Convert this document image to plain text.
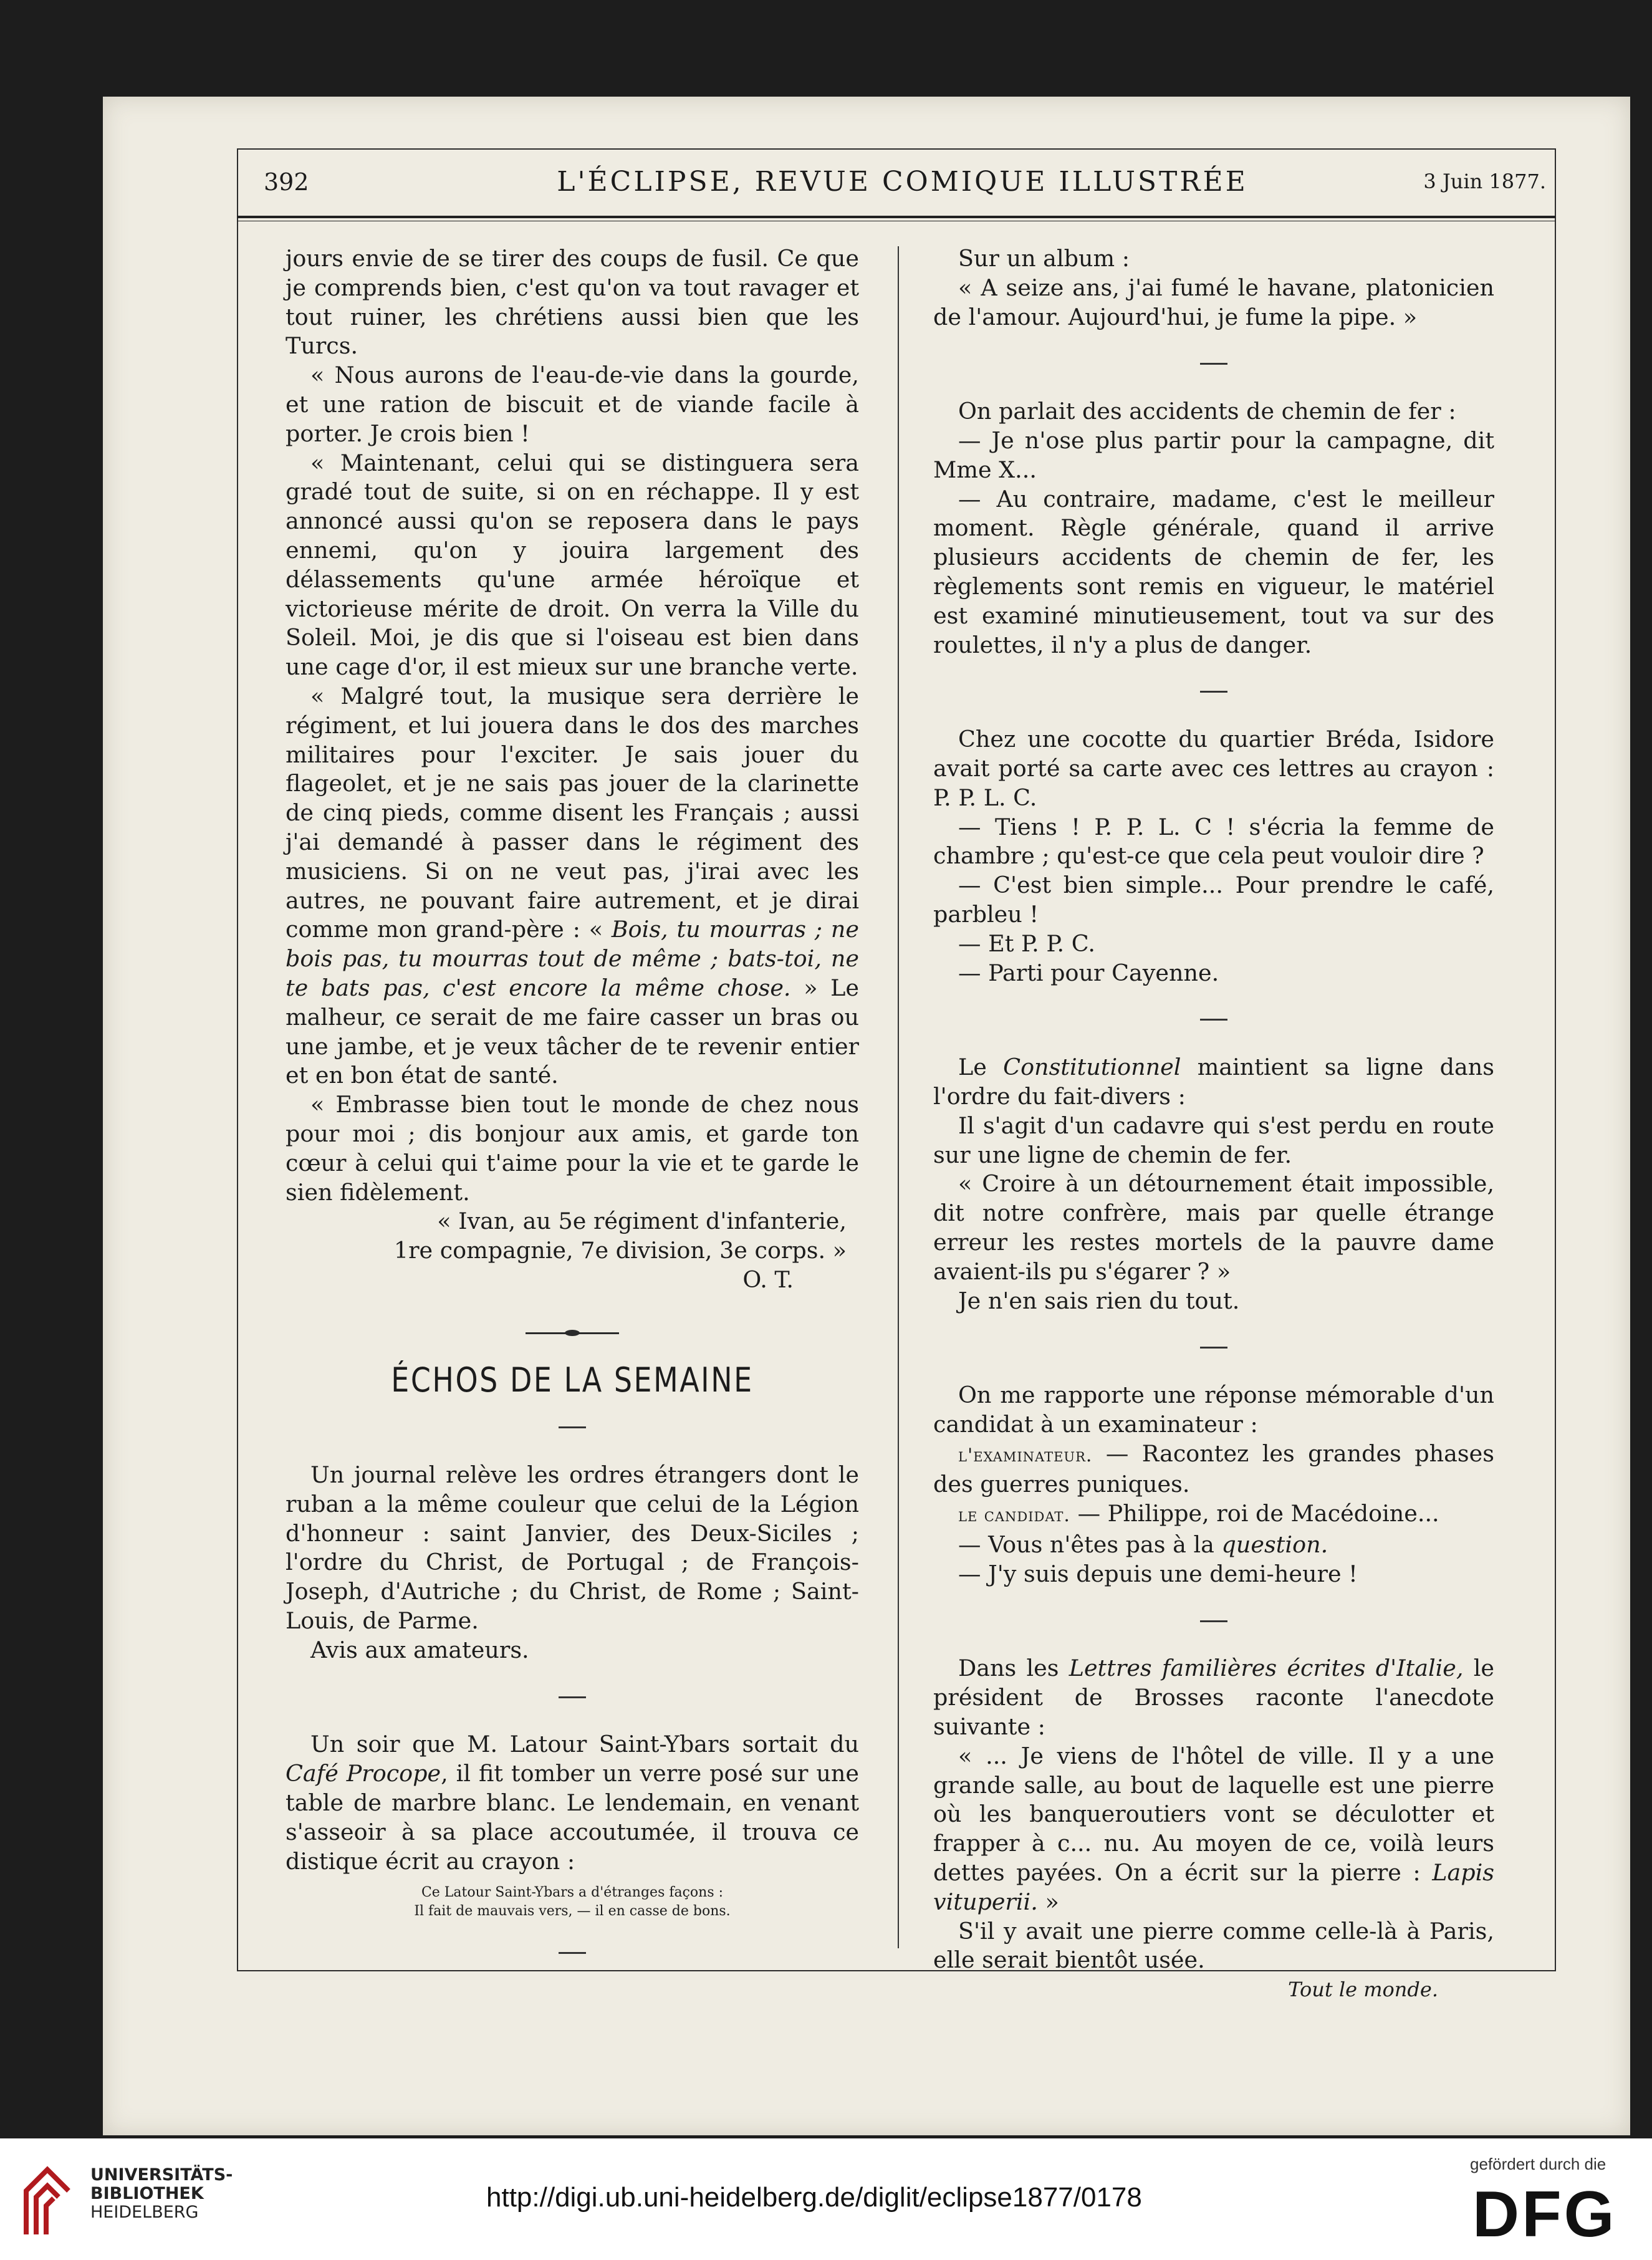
392	L'ÉCLIPSE, REVUE COMIQUE ILLUSTRÉE	3 Juin 1877.

jours envie de se tirer des coups de fusil. Ce que je comprends bien, c'est qu'on va tout ravager et tout ruiner, les chrétiens aussi bien que les Turcs.

« Nous aurons de l'eau-de-vie dans la gourde, et une ration de biscuit et de viande facile à porter. Je crois bien !

« Maintenant, celui qui se distinguera sera gradé tout de suite, si on en réchappe. Il y est annoncé aussi qu'on se reposera dans le pays ennemi, qu'on y jouira largement des délassements qu'une armée héroïque et victorieuse mérite de droit. On verra la Ville du Soleil. Moi, je dis que si l'oiseau est bien dans une cage d'or, il est mieux sur une branche verte.

« Malgré tout, la musique sera derrière le régiment, et lui jouera dans le dos des marches militaires pour l'exciter. Je sais jouer du flageolet, et je ne sais pas jouer de la clarinette de cinq pieds, comme disent les Français ; aussi j'ai demandé à passer dans le régiment des musiciens. Si on ne veut pas, j'irai avec les autres, ne pouvant faire autrement, et je dirai comme mon grand-père : « Bois, tu mourras ; ne bois pas, tu mourras tout de même ; bats-toi, ne te bats pas, c'est encore la même chose. » Le malheur, ce serait de me faire casser un bras ou une jambe, et je veux tâcher de te revenir entier et en bon état de santé.

« Embrasse bien tout le monde de chez nous pour moi ; dis bonjour aux amis, et garde ton cœur à celui qui t'aime pour la vie et te garde le sien fidèlement.

« Ivan, au 5e régiment d'infanterie,

1re compagnie, 7e division, 3e corps. »

O. T.

ÉCHOS DE LA SEMAINE

Un journal relève les ordres étrangers dont le ruban a la même couleur que celui de la Légion d'honneur : saint Janvier, des Deux-Siciles ; l'ordre du Christ, de Portugal ; de François-Joseph, d'Autriche ; du Christ, de Rome ; Saint-Louis, de Parme.

Avis aux amateurs.

Un soir que M. Latour Saint-Ybars sortait du Café Procope, il fit tomber un verre posé sur une table de marbre blanc. Le lendemain, en venant s'asseoir à sa place accoutumée, il trouva ce distique écrit au crayon :

Ce Latour Saint-Ybars a d'étranges façons :
Il fait de mauvais vers, — il en casse de bons.

Sur un album :

« A seize ans, j'ai fumé le havane, platonicien de l'amour. Aujourd'hui, je fume la pipe. »

On parlait des accidents de chemin de fer :

— Je n'ose plus partir pour la campagne, dit Mme X...

— Au contraire, madame, c'est le meilleur moment. Règle générale, quand il arrive plusieurs accidents de chemin de fer, les règlements sont remis en vigueur, le matériel est examiné minutieusement, tout va sur des roulettes, il n'y a plus de danger.

Chez une cocotte du quartier Bréda, Isidore avait porté sa carte avec ces lettres au crayon : P. P. L. C.

— Tiens ! P. P. L. C ! s'écria la femme de chambre ; qu'est-ce que cela peut vouloir dire ?

— C'est bien simple... Pour prendre le café, parbleu !

— Et P. P. C.

— Parti pour Cayenne.

Le Constitutionnel maintient sa ligne dans l'ordre du fait-divers :

Il s'agit d'un cadavre qui s'est perdu en route sur une ligne de chemin de fer.

« Croire à un détournement était impossible, dit notre confrère, mais par quelle étrange erreur les restes mortels de la pauvre dame avaient-ils pu s'égarer ? »

Je n'en sais rien du tout.

On me rapporte une réponse mémorable d'un candidat à un examinateur :

l'examinateur. — Racontez les grandes phases des guerres puniques.

le candidat. — Philippe, roi de Macédoine...

— Vous n'êtes pas à la question.

— J'y suis depuis une demi-heure !

Dans les Lettres familières écrites d'Italie, le président de Brosses raconte l'anecdote suivante :

« ... Je viens de l'hôtel de ville. Il y a une grande salle, au bout de laquelle est une pierre où les banqueroutiers vont se déculotter et frapper à c... nu. Au moyen de ce, voilà leurs dettes payées. On a écrit sur la pierre : Lapis vituperii. »

S'il y avait une pierre comme celle-là à Paris, elle serait bientôt usée.

Tout le monde.

UNIVERSITÄTS-
BIBLIOTHEK
HEIDELBERG	http://digi.ub.uni-heidelberg.de/diglit/eclipse1877/0178
gefördert durch die
DFG
